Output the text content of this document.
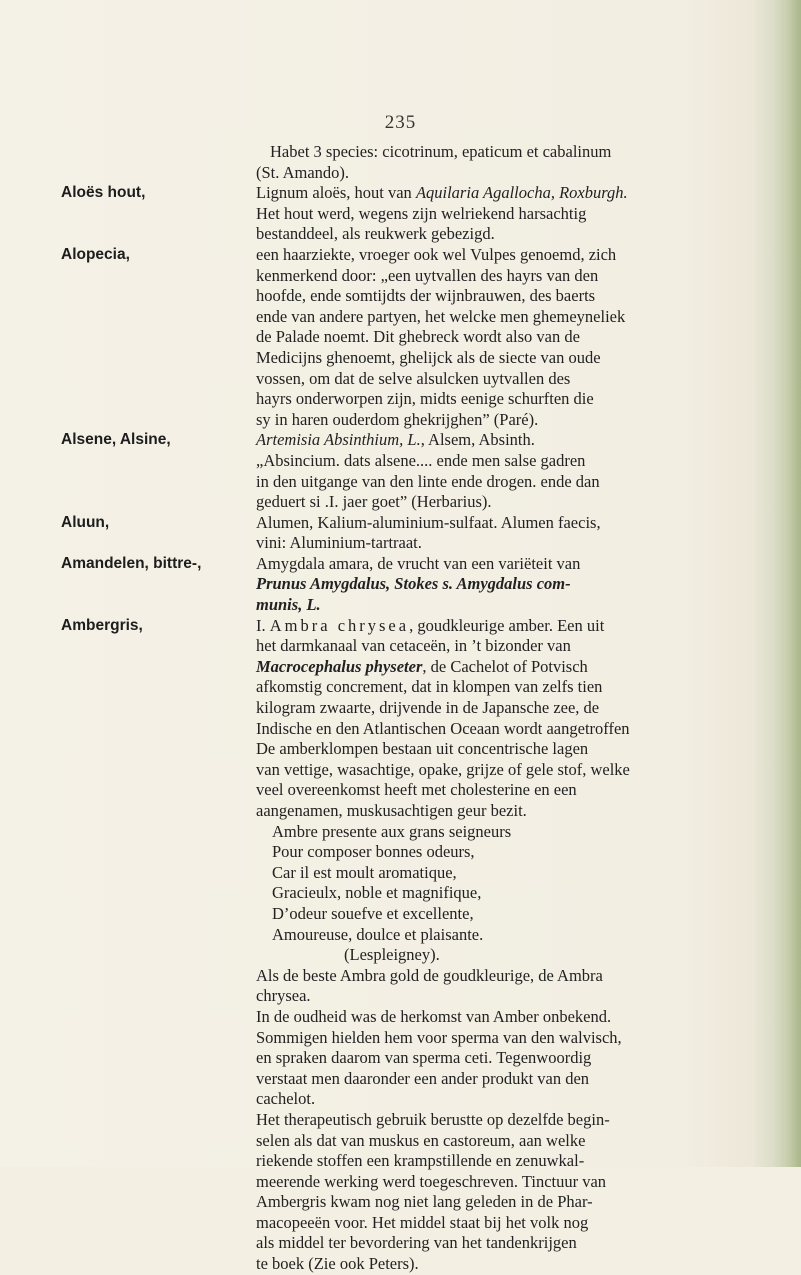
235
Habet 3 species: cicotrinum, epaticum et cabalinum
(St. Amando).
Aloës hout,	Lignum aloës, hout van Aquilaria Agallocha, Roxburgh.
Het hout werd, wegens zijn welriekend harsachtig
bestanddeel, als reukwerk gebezigd.
Alopecia,	een haarziekte, vroeger ook wel Vulpes genoemd, zich
kenmerkend door: „een uytvallen des hayrs van den
hoofde, ende somtijdts der wijnbrauwen, des baerts
ende van andere partyen, het welcke men ghemeyneliek
de Palade noemt. Dit ghebreck wordt also van de
Medicijns ghenoemt, ghelijck als de siecte van oude
vossen, om dat de selve alsulcken uytvallen des
hayrs onderworpen zijn, midts eenige schurften die
sy in haren ouderdom ghekrijghen” (Paré).
Alsene, Alsine,	Artemisia Absinthium, L., Alsem, Absinth.
„Absincium. dats alsene.... ende men salse gadren
in den uitgange van den linte ende drogen. ende dan
geduert si .I. jaer goet” (Herbarius).
Aluun,	Alumen, Kalium-aluminium-sulfaat. Alumen faecis,
vini: Aluminium-tartraat.
Amandelen, bittre-,	Amygdala amara, de vrucht van een variëteit van
Prunus Amygdalus, Stokes s. Amygdalus com-
munis, L.
Ambergris,	I. Ambra chrysea, goudkleurige amber. Een uit
het darmkanaal van cetaceën, in ’t bizonder van
Macrocephalus physeter, de Cachelot of Potvisch
afkomstig concrement, dat in klompen van zelfs tien
kilogram zwaarte, drijvende in de Japansche zee, de
Indische en den Atlantischen Oceaan wordt aangetroffen
De amberklompen bestaan uit concentrische lagen
van vettige, wasachtige, opake, grijze of gele stof, welke
veel overeenkomst heeft met cholesterine en een
aangenamen, muskusachtigen geur bezit.
Ambre presente aux grans seigneurs
Pour composer bonnes odeurs,
Car il est moult aromatique,
Gracieulx, noble et magnifique,
D’odeur souefve et excellente,
Amoureuse, doulce et plaisante.
(Lespleigney).
Als de beste Ambra gold de goudkleurige, de Ambra
chrysea.
In de oudheid was de herkomst van Amber onbekend.
Sommigen hielden hem voor sperma van den walvisch,
en spraken daarom van sperma ceti. Tegenwoordig
verstaat men daaronder een ander produkt van den
cachelot.
Het therapeutisch gebruik berustte op dezelfde begin-
selen als dat van muskus en castoreum, aan welke
riekende stoffen een krampstillende en zenuwkal-
meerende werking werd toegeschreven. Tinctuur van
Ambergris kwam nog niet lang geleden in de Phar-
macopeeën voor. Het middel staat bij het volk nog
als middel ter bevordering van het tandenkrijgen
te boek (Zie ook Peters).
